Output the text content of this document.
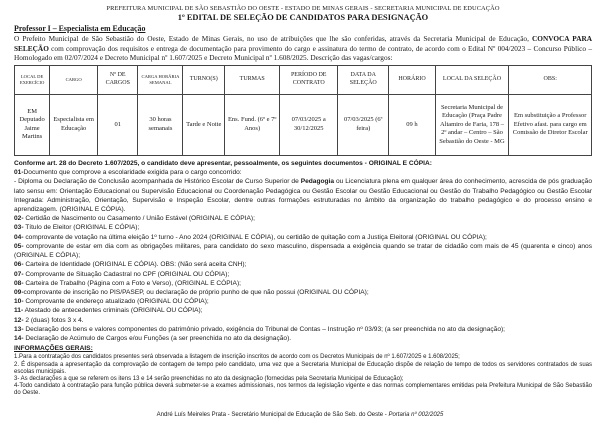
PREFEITURA MUNICIPAL DE SÃO SEBASTIÃO DO OESTE - ESTADO DE MINAS GERAIS - SECRETARIA MUNICIPAL DE EDUCAÇÃO
1º EDITAL DE SELEÇÃO DE CANDIDATOS PARA DESIGNAÇÃO
Professor I – Especialista em Educação
O Prefeito Municipal de São Sebastião do Oeste, Estado de Minas Gerais, no uso de atribuições que lhe são conferidas, através da Secretaria Municipal de Educação, CONVOCA PARA SELEÇÃO com comprovação dos requisitos e entrega de documentação para provimento do cargo e assinatura do termo de contrato, de acordo com o Edital Nº 004/2023 – Concurso Público – Homologado em 02/07/2024 e Decreto Municipal nº 1.607/2025 e Decreto Municipal nº 1.608/2025. Descrição das vagas/cargos:
LOCAL DE EXERCÍCIO	CARGO	Nº DE CARGOS	CARGA HORÁRIA SEMANAL	TURNO(S)	TURMAS	PERÍODO DE CONTRATO	DATA DA SELEÇÃO	HORÁRIO	LOCAL DA SELEÇÃO	OBS:
EM Deputado Jaime Martins	Especialista em Educação	01	30 horas semanais	Tarde e Noite	Ens. Fund. (6º e 7º Anos)	07/03/2025 a 30/12/2025	07/03/2025 (6ª feira)	09 h	Secretaria Municipal de Educação (Praça Padre Altamiro de Faria, 178 – 2º andar – Centro – São Sebastião do Oeste - MG	Em substituição a Professor Efetivo afast. para cargo em Comissão de Diretor Escolar
Conforme art. 28 do Decreto 1.607/2025, o candidato deve apresentar, pessoalmente, os seguintes documentos - ORIGINAL E CÓPIA:
01-Documento que comprove a escolaridade exigida para o cargo concorrido:
- Diploma ou Declaração de Conclusão acompanhada de Histórico Escolar de Curso Superior de Pedagogia ou Licenciatura plena em qualquer área do conhecimento, acrescida de pós graduação lato sensu em: Orientação Educacional ou Supervisão Educacional ou Coordenação Pedagógica ou Gestão Escolar ou Gestão Educacional ou Gestão do Trabalho Pedagógico ou Gestão Escolar Integrada: Administração, Orientação, Supervisão e Inspeção Escolar, dentre outras formações estruturadas no âmbito da organização do trabalho pedagógico e do processo ensino e aprendizagem. (ORIGINAL E CÓPIA).
02- Certidão de Nascimento ou Casamento / União Estável (ORIGINAL E CÓPIA);
03- Título de Eleitor (ORIGINAL E CÓPIA);
04- comprovante de votação na última eleição 1º turno - Ano 2024 (ORIGINAL E CÓPIA), ou certidão de quitação com a Justiça Eleitoral (ORIGINAL OU CÓPIA);
05- comprovante de estar em dia com as obrigações militares, para candidato do sexo masculino, dispensada a exigência quando se tratar de cidadão com mais de 45 (quarenta e cinco) anos (ORIGINAL E CÓPIA);
06- Carteira de Identidade (ORIGINAL E CÓPIA). OBS: (Não será aceita CNH);
07- Comprovante de Situação Cadastral no CPF (ORIGINAL OU CÓPIA);
08- Carteira de Trabalho (Página com a Foto e Verso), (ORIGINAL E CÓPIA);
09-comprovante de inscrição no PIS/PASEP, ou declaração de próprio punho de que não possui (ORIGINAL OU CÓPIA);
10- Comprovante de endereço atualizado (ORIGINAL OU CÓPIA);
11- Atestado de antecedentes criminais (ORIGINAL OU CÓPIA);
12- 2 (duas) fotos 3 x 4.
13- Declaração dos bens e valores componentes do patrimônio privado, exigência do Tribunal de Contas – Instrução nº 03/93; (a ser preenchida no ato da designação);
14- Declaração de Acúmulo de Cargos e/ou Funções (a ser preenchida no ato da designação).
INFORMAÇÕES GERAIS:
1.Para a contratação dos candidatos presentes será observada a listagem de inscrição inscritos de acordo com os Decretos Municipais de nº 1.607/2025 e 1.608/2025;
2. É dispensada a apresentação da comprovação de contagem de tempo pelo candidato, uma vez que a Secretaria Municipal de Educação dispõe de relação de tempo de todos os servidores contratados de suas escolas municipais.
3- As declarações a que se referem os itens 13 e 14 serão preenchidas no ato da designação (fornecidas pela Secretaria Municipal de Educação);
4-Todo candidato à contratação para função pública deverá submeter-se a exames admissionais, nos termos da legislação vigente e das normas complementares emitidas pela Prefeitura Municipal de São Sebastião do Oeste.
André Luís Meireles Prata - Secretário Municipal de Educação de São Seb. do Oeste - Portaria nº 002/2025
